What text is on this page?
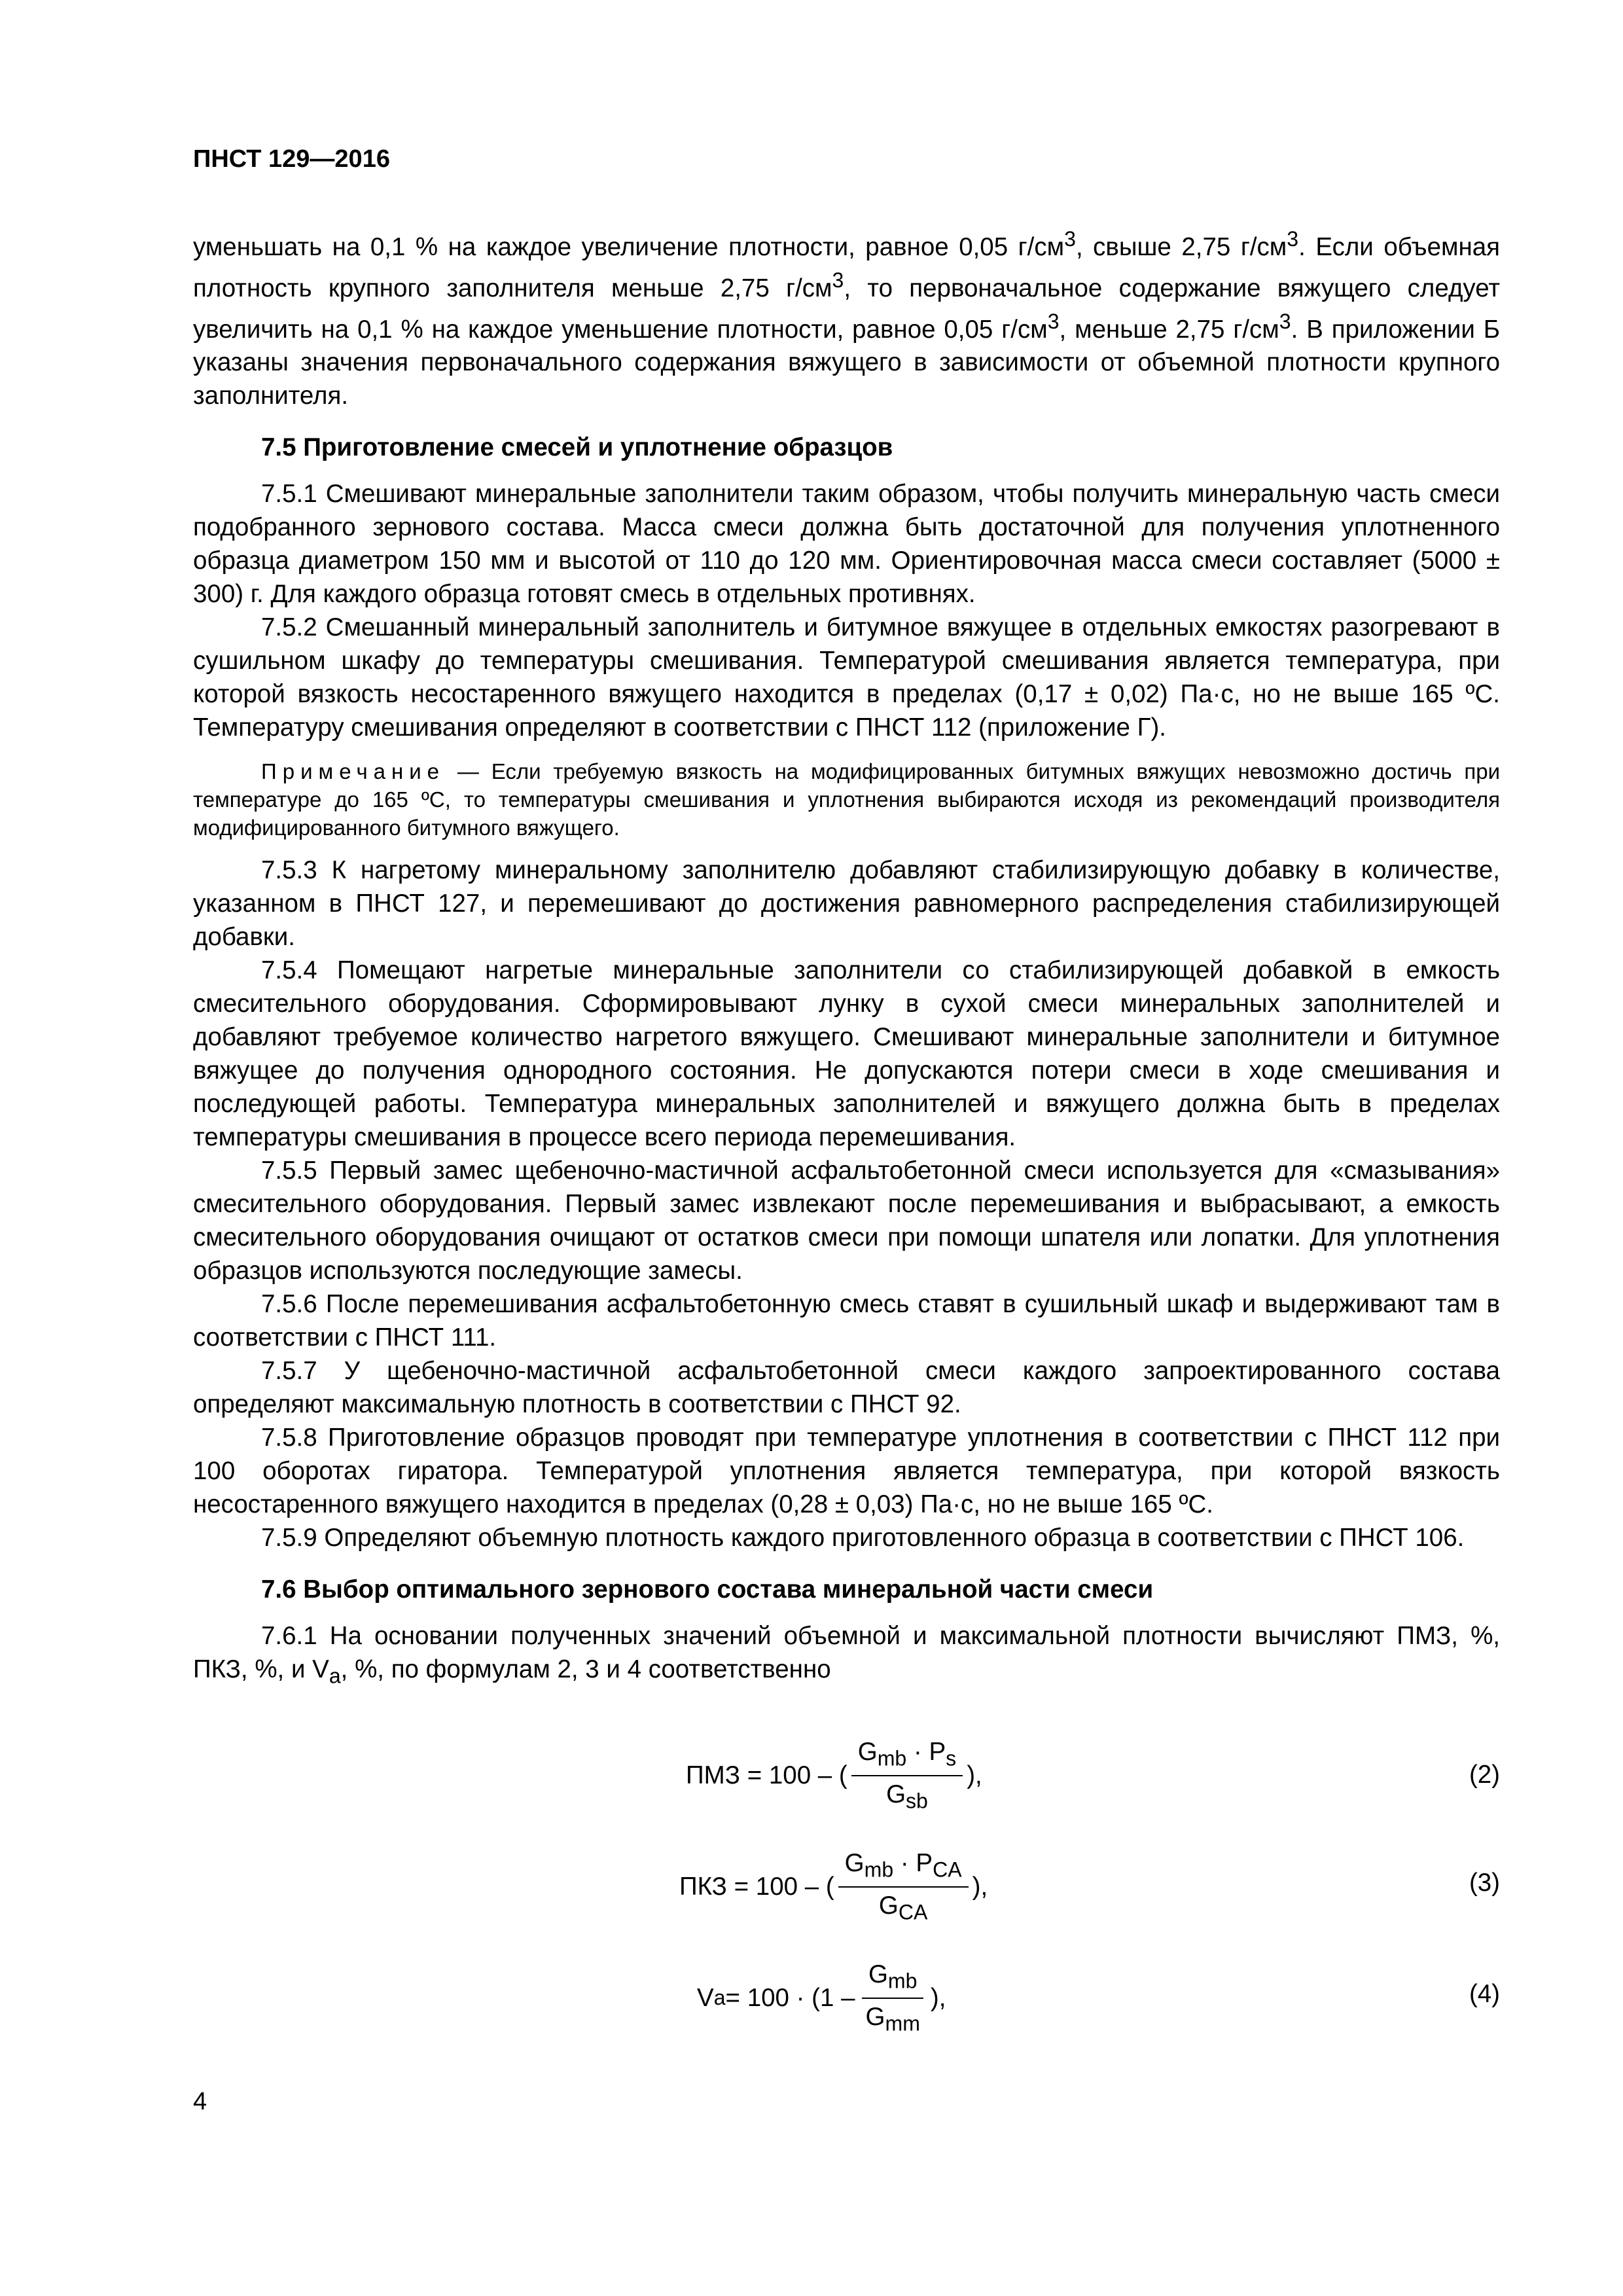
ПНСТ 129—2016

уменьшать на 0,1 % на каждое увеличение плотности, равное 0,05 $г/см^3$, свыше 2,75 $г/см^3$. Если объемная плотность крупного заполнителя меньше 2,75 $г/см^3$, то первоначальное содержание вяжущего следует увеличить на 0,1 % на каждое уменьшение плотности, равное 0,05 $г/см^3$, меньше 2,75 $г/см^3$. В приложении Б указаны значения первоначального содержания вяжущего в зависимости от объемной плотности крупного заполнителя.

7.5 Приготовление смесей и уплотнение образцов

7.5.1 Смешивают минеральные заполнители таким образом, чтобы получить минеральную часть смеси подобранного зернового состава. Масса смеси должна быть достаточной для получения уплотненного образца диаметром 150 мм и высотой от 110 до 120 мм. Ориентировочная масса смеси составляет (5000 ± 300) г. Для каждого образца готовят смесь в отдельных противнях.

7.5.2 Смешанный минеральный заполнитель и битумное вяжущее в отдельных емкостях разогревают в сушильном шкафу до температуры смешивания. Температурой смешивания является температура, при которой вязкость несостаренного вяжущего находится в пределах (0,17 ± 0,02) Па·с, но не выше 165 ºС. Температуру смешивания определяют в соответствии с ПНСТ 112 (приложение Г).

Примечание — Если требуемую вязкость на модифицированных битумных вяжущих невозможно достичь при температуре до 165 ºС, то температуры смешивания и уплотнения выбираются исходя из рекомендаций производителя модифицированного битумного вяжущего.

7.5.3 К нагретому минеральному заполнителю добавляют стабилизирующую добавку в количестве, указанном в ПНСТ 127, и перемешивают до достижения равномерного распределения стабилизирующей добавки.

7.5.4 Помещают нагретые минеральные заполнители со стабилизирующей добавкой в емкость смесительного оборудования. Сформировывают лунку в сухой смеси минеральных заполнителей и добавляют требуемое количество нагретого вяжущего. Смешивают минеральные заполнители и битумное вяжущее до получения однородного состояния. Не допускаются потери смеси в ходе смешивания и последующей работы. Температура минеральных заполнителей и вяжущего должна быть в пределах температуры смешивания в процессе всего периода перемешивания.

7.5.5 Первый замес щебеночно-мастичной асфальтобетонной смеси используется для «смазывания» смесительного оборудования. Первый замес извлекают после перемешивания и выбрасывают, а емкость смесительного оборудования очищают от остатков смеси при помощи шпателя или лопатки. Для уплотнения образцов используются последующие замесы.

7.5.6 После перемешивания асфальтобетонную смесь ставят в сушильный шкаф и выдерживают там в соответствии с ПНСТ 111.

7.5.7 У щебеночно-мастичной асфальтобетонной смеси каждого запроектированного состава определяют максимальную плотность в соответствии с ПНСТ 92.

7.5.8 Приготовление образцов проводят при температуре уплотнения в соответствии с ПНСТ 112 при 100 оборотах гиратора. Температурой уплотнения является температура, при которой вязкость несостаренного вяжущего находится в пределах (0,28 ± 0,03) Па·с, но не выше 165 ºС.

7.5.9 Определяют объемную плотность каждого приготовленного образца в соответствии с ПНСТ 106.

7.6 Выбор оптимального зернового состава минеральной части смеси

7.6.1 На основании полученных значений объемной и максимальной плотности вычисляют ПМЗ, %, ПКЗ, %, и $V_a$, %, по формулам 2, 3 и 4 соответственно

ПМЗ = 100 – ( $\frac{G_{mb} \cdot P_s}{G_{sb}}$ ),	(2)
ПКЗ = 100 – ( $\frac{G_{mb} \cdot P_{CA}}{G_{CA}}$ ),	(3)
V $a = 100 \cdot (1 - \frac{G_{mb}}{G_{mm}}$ ),	(4)
4
